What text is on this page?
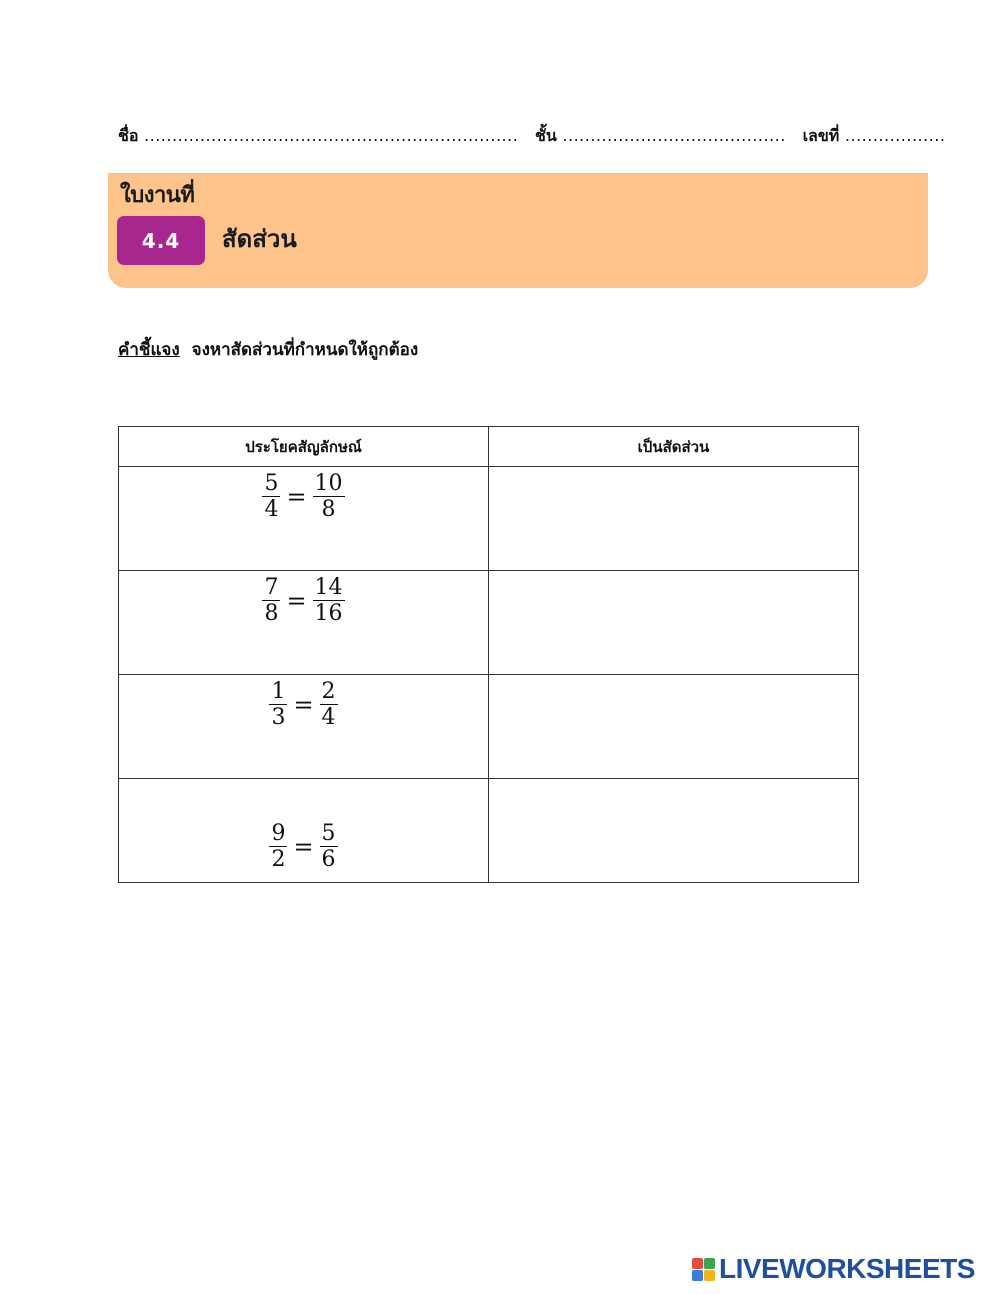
ชื่อ ................................................................... ชั้น ........................................ เลขที่ ..................
ใบงานที่
4.4	สัดส่วน
คำชี้แจง จงหาสัดส่วนที่กำหนดให้ถูกต้อง
ประโยคสัญลักษณ์	เป็นสัดส่วน

$\frac{5}{4} = \frac{10}{8}$

$\frac{7}{8} = \frac{14}{16}$

$\frac{1}{3} = \frac{2}{4}$

$\frac{9}{2} = \frac{5}{6}$

LIVEWORKSHEETS
